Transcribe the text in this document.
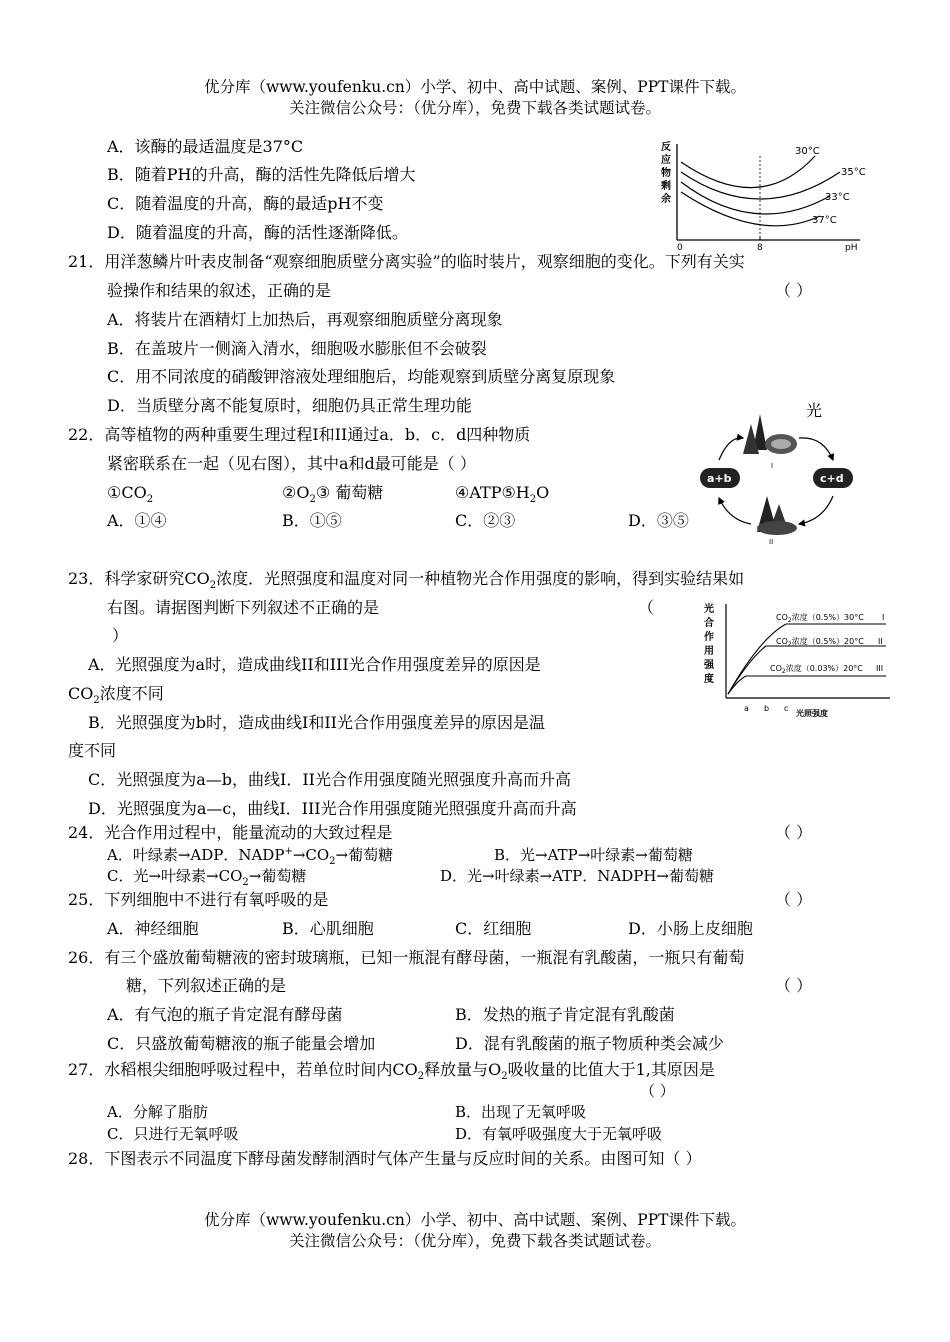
优分库（www.youfenku.cn）小学、初中、高中试题、案例、PPT课件下载。
关注微信公众号：（优分库），免费下载各类试题试卷。
A．该酶的最适温度是37°C
B．随着PH的升高，酶的活性先降低后增大
C．随着温度的升高，酶的最适pH不变
D．随着温度的升高，酶的活性逐渐降低。
反
应
物
剩
余
0	8	pH
30°C
35°C
33°C
37°C
21．用洋葱鳞片叶表皮制备“观察细胞质壁分离实验”的临时装片，观察细胞的变化。下列有关实
验操作和结果的叙述，正确的是	（ ）
A．将装片在酒精灯上加热后，再观察细胞质壁分离现象
B．在盖玻片一侧滴入清水，细胞吸水膨胀但不会破裂
C．用不同浓度的硝酸钾溶液处理细胞后，均能观察到质壁分离复原现象
D．当质壁分离不能复原时，细胞仍具正常生理功能
22．高等植物的两种重要生理过程I和II通过a．b．c．d四种物质
紧密联系在一起（见右图），其中a和d最可能是（ ）
$①CO_2$	$②O_2③$ 葡萄糖	$④ATP⑤H_2O$
A．①④	B．①⑤	C．②③	D．③⑤
光
I
a+b	c+d
II
23．科学家研究$CO_2$浓度．光照强度和温度对同一种植物光合作用强度的影响，得到实验结果如
右图。请据图判断下列叙述不正确的是	（
）
A．光照强度为a时，造成曲线II和III光合作用强度差异的原因是
$CO_2$浓度不同
B．光照强度为b时，造成曲线I和II光合作用强度差异的原因是温
度不同
C．光照强度为a—b，曲线I．II光合作用强度随光照强度升高而升高
D．光照强度为a—c，曲线I．III光合作用强度随光照强度升高而升高
光
合
作
用
强
度
$CO_2$浓度（0.5%）30°C I
$CO_2$浓度（0.5%）20°C II
$CO_2$浓度（0.03%）20°C III
a b c
光照强度
24．光合作用过程中，能量流动的大致过程是	（ ）
A．叶绿素→ADP．$NADP^+\to CO_2\to$葡萄糖	B．光→ATP→叶绿素→葡萄糖
C．光→叶绿素$\to CO_2\to$葡萄糖	D．光→叶绿素→ATP．NADPH→葡萄糖
25．下列细胞中不进行有氧呼吸的是	（ ）
A．神经细胞	B．心肌细胞	C．红细胞	D．小肠上皮细胞
26．有三个盛放葡萄糖液的密封玻璃瓶，已知一瓶混有酵母菌，一瓶混有乳酸菌，一瓶只有葡萄
糖，下列叙述正确的是	（ ）
A．有气泡的瓶子肯定混有酵母菌	B．发热的瓶子肯定混有乳酸菌
C．只盛放葡萄糖液的瓶子能量会增加	D．混有乳酸菌的瓶子物质种类会减少
27．水稻根尖细胞呼吸过程中，若单位时间内$CO_2$释放量与$O_2$吸收量的比值大于1,其原因是
（ ）
A．分解了脂肪	B．出现了无氧呼吸
C．只进行无氧呼吸	D．有氧呼吸强度大于无氧呼吸
28．下图表示不同温度下酵母菌发酵制酒时气体产生量与反应时间的关系。由图可知（ ）
优分库（www.youfenku.cn）小学、初中、高中试题、案例、PPT课件下载。
关注微信公众号：（优分库），免费下载各类试题试卷。
